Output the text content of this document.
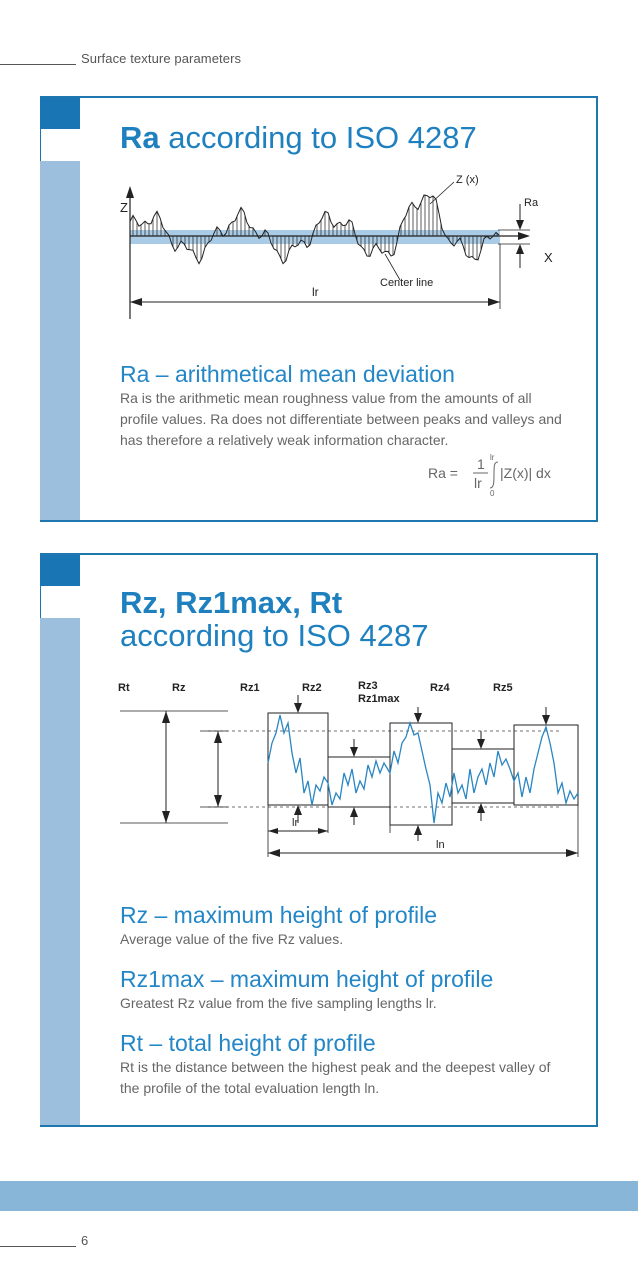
Surface texture parameters
Ra according to ISO 4287
Z
Z (x)
Ra
X
Center line
lr
Ra – arithmetical mean deviation
Ra is the arithmetic mean roughness value from the amounts of all profile values. Ra does not differentiate between peaks and valleys and has therefore a relatively weak information character.
Ra =
1
lr
lr
0
|Z(x)| dx
Rz, Rz1max, Rt
according to ISO 4287
Rt	Rz	Rz1	Rz2	Rz3
Rz1max
Rz4	Rz5
lr
ln
Rz – maximum height of profile
Average value of the five Rz values.
Rz1max – maximum height of profile
Greatest Rz value from the five sampling lengths lr.
Rt – total height of profile
Rt is the distance between the highest peak and the deepest valley of the profile of the total evaluation length ln.
6
